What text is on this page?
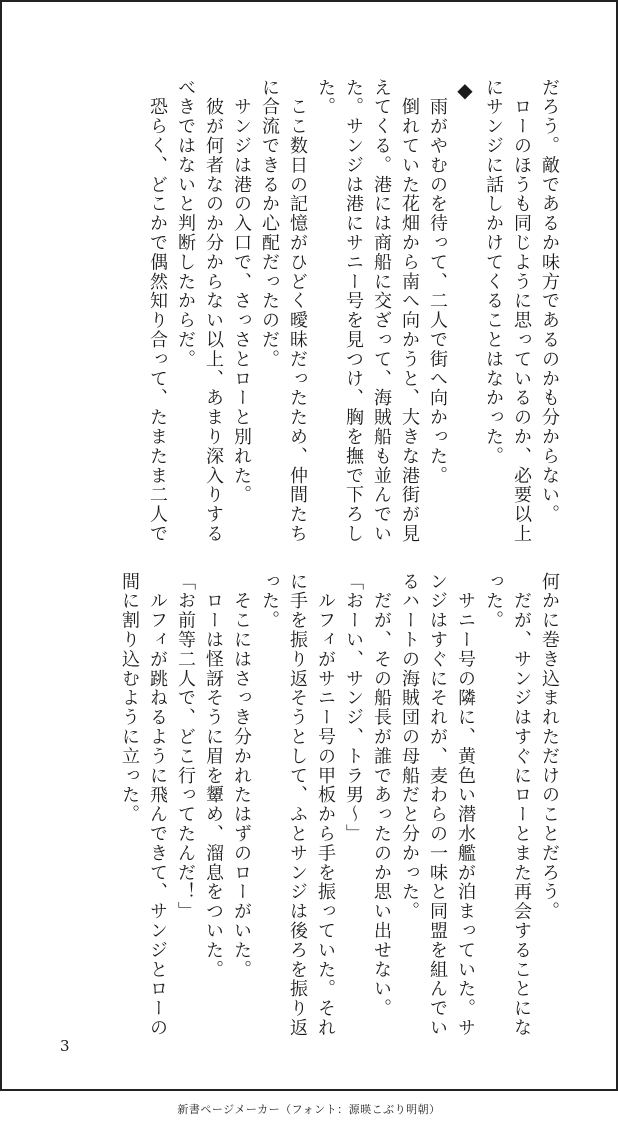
だろう。敵であるか味方であるのかも分からない。
　ローのほうも同じように思っているのか、必要以上
にサンジに話しかけてくることはなかった。
◆
　雨がやむのを待って、二人で街へ向かった。
　倒れていた花畑から南へ向かうと、大きな港街が見
えてくる。港には商船に交ざって、海賊船も並んでい
た。サンジは港にサニー号を見つけ、胸を撫で下ろし
た。
　ここ数日の記憶がひどく曖昧だったため、仲間たち
に合流できるか心配だったのだ。
　サンジは港の入口で、さっさとローと別れた。
　彼が何者なのか分からない以上、あまり深入りする
べきではないと判断したからだ。
　恐らく、どこかで偶然知り合って、たまたま二人で
何かに巻き込まれただけのことだろう。
　だが、サンジはすぐにローとまた再会することにな
った。
　サニー号の隣に、黄色い潜水艦が泊まっていた。サ
ンジはすぐにそれが、麦わらの一味と同盟を組んでい
るハートの海賊団の母船だと分かった。
　だが、その船長が誰であったのか思い出せない。
「おーい、サンジ、トラ男～」
　ルフィがサニー号の甲板から手を振っていた。それ
に手を振り返そうとして、ふとサンジは後ろを振り返
った。
　そこにはさっき分かれたはずのローがいた。
　ローは怪訝そうに眉を顰め、溜息をついた。
「お前等二人で、どこ行ってたんだ！」
　ルフィが跳ねるように飛んできて、サンジとローの
間に割り込むように立った。
3
新書ページメーカー（フォント：源暎こぶり明朝）
